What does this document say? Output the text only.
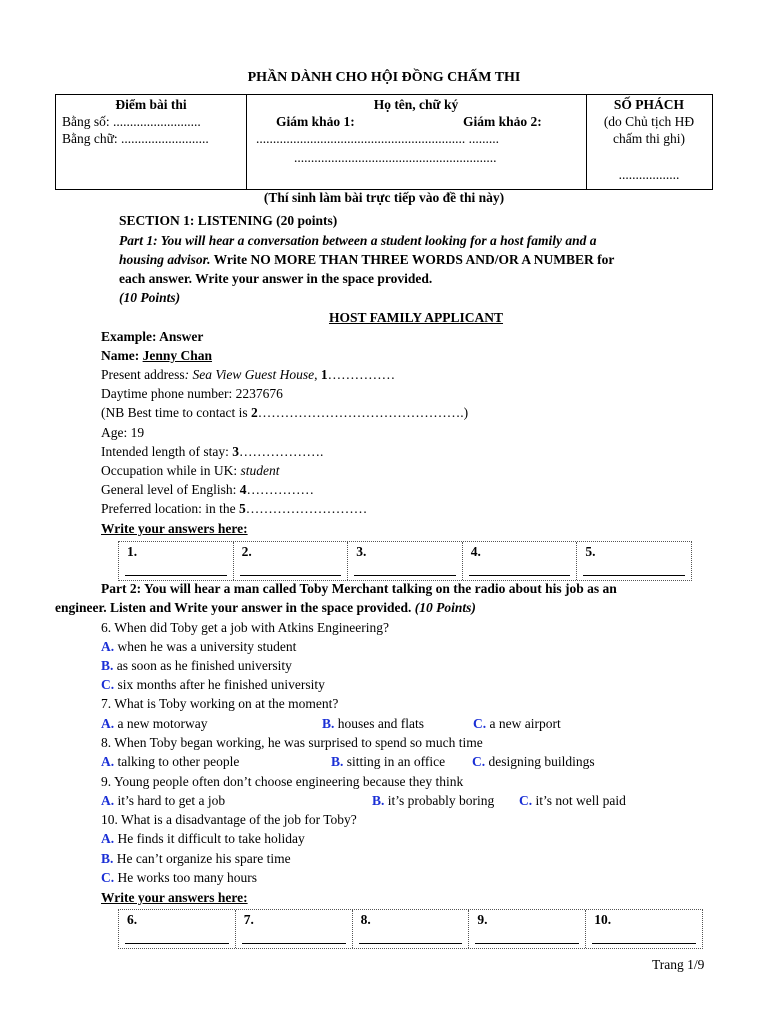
PHẦN DÀNH CHO HỘI ĐỒNG CHẤM THI
Điểm bài thi
Bằng số: ..........................
Bằng chữ: ..........................
Họ tên, chữ ký
Giám khảo 1:	Giám khảo 2:
.............................................................. .........
............................................................
SỐ PHÁCH
(do Chủ tịch HĐ
chấm thi ghi)
..................
(Thí sinh làm bài trực tiếp vào đề thi này)
SECTION 1: LISTENING (20 points)
Part 1: You will hear a conversation between a student looking for a host family and a
housing advisor. Write NO MORE THAN THREE WORDS AND/OR A NUMBER for
each answer. Write your answer in the space provided.
(10 Points)
HOST FAMILY APPLICANT
Example: Answer
Name: Jenny Chan
Present address: Sea View Guest House, 1……………
Daytime phone number: 2237676
(NB Best time to contact is 2……………………………………….)
Age: 19
Intended length of stay: 3……………….
Occupation while in UK: student
General level of English: 4……………
Preferred location: in the 5………………………
Write your answers here:
1.	2.	3.	4.	5.
Part 2: You will hear a man called Toby Merchant talking on the radio about his job as an
engineer. Listen and Write your answer in the space provided. (10 Points)
6. When did Toby get a job with Atkins Engineering?
A. when he was a university student
B. as soon as he finished university
C. six months after he finished university
7. What is Toby working on at the moment?
A. a new motorway	B. houses and flats	C. a new airport
8. When Toby began working, he was surprised to spend so much time
A. talking to other people	B. sitting in an office C. designing buildings
9. Young people often don’t choose engineering because they think
A. it’s hard to get a job	B. it’s probably boring C. it’s not well paid
10. What is a disadvantage of the job for Toby?
A. He finds it difficult to take holiday
B. He can’t organize his spare time
C. He works too many hours
Write your answers here:
6.	7.	8.	9.	10.
Trang 1/9
